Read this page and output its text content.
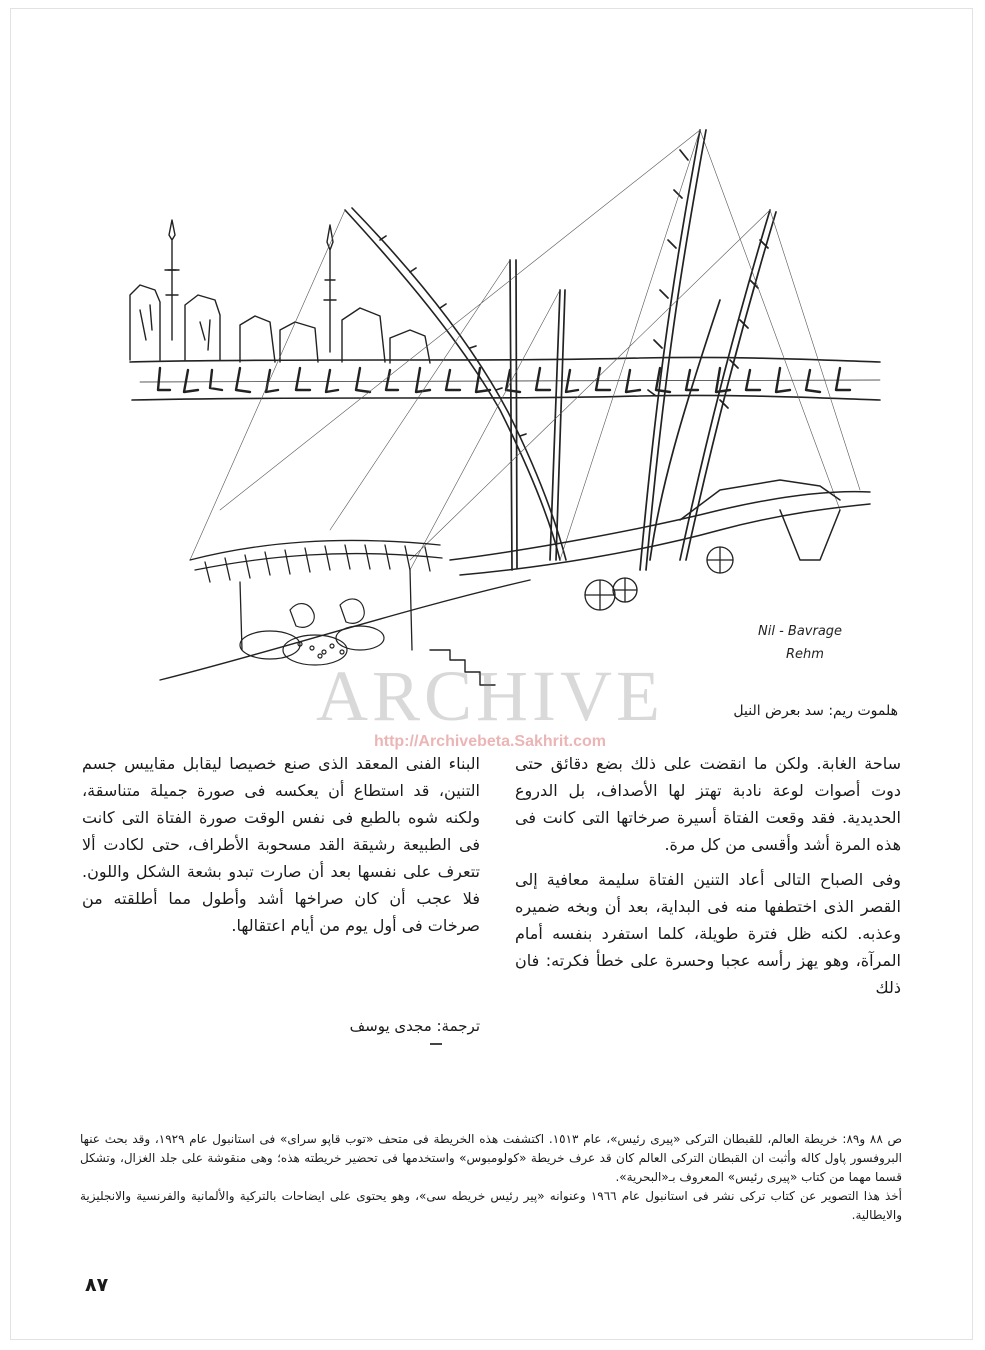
Nil - Bavrage
Rehm
هلموت ريم: سد بعرض النيل
ARCHIVE
http://Archivebeta.Sakhrit.com

ساحة الغابة. ولكن ما انقضت على ذلك بضع دقائق حتى دوت أصوات لوعة نادبة تهتز لها الأصداف، بل الدروع الحديدية. فقد وقعت الفتاة أسيرة صرخاتها التى كانت فى هذه المرة أشد وأقسى من كل مرة.

وفى الصباح التالى أعاد التنين الفتاة سليمة معافية إلى القصر الذى اختطفها منه فى البداية، بعد أن وبخه ضميره وعذبه. لكنه ظل فترة طويلة، كلما استفرد بنفسه أمام المرآة، وهو يهز رأسه عجبا وحسرة على خطأ فكرته: فان ذلك

البناء الفنى المعقد الذى صنع خصيصا ليقابل مقاييس جسم التنين، قد استطاع أن يعكسه فى صورة جميلة متناسقة، ولكنه شوه بالطبع فى نفس الوقت صورة الفتاة التى كانت فى الطبيعة رشيقة القد مسحوبة الأطراف، حتى لكادت ألا تتعرف على نفسها بعد أن صارت تبدو بشعة الشكل واللون. فلا عجب أن كان صراخها أشد وأطول مما أطلقته من صرخات فى أول يوم من أيام اعتقالها.

ترجمة: مجدى يوسف

ص ٨٨ و٨٩: خريطة العالم، للقبطان التركى «پيرى رئيس»، عام ١٥١٣. اكتشفت هذه الخريطة فى متحف «توب قاپو سراى» فى استانبول عام ١٩٢٩، وقد بحث عنها البروفسور پاول كاله وأثبت ان القبطان التركى العالم كان قد عرف خريطة «كولومبوس» واستخدمها فى تحضير خريطته هذه؛ وهى منقوشة على جلد الغزال، وتشكل قسما مهما من كتاب «پيرى رئيس» المعروف بـ«البحرية».

أخذ هذا التصوير عن كتاب تركى نشر فى استانبول عام ١٩٦٦ وعنوانه «پير رئيس خريطه سى»، وهو يحتوى على ايضاحات بالتركية والألمانية والفرنسية والانجليزية والايطالية.

٨٧
